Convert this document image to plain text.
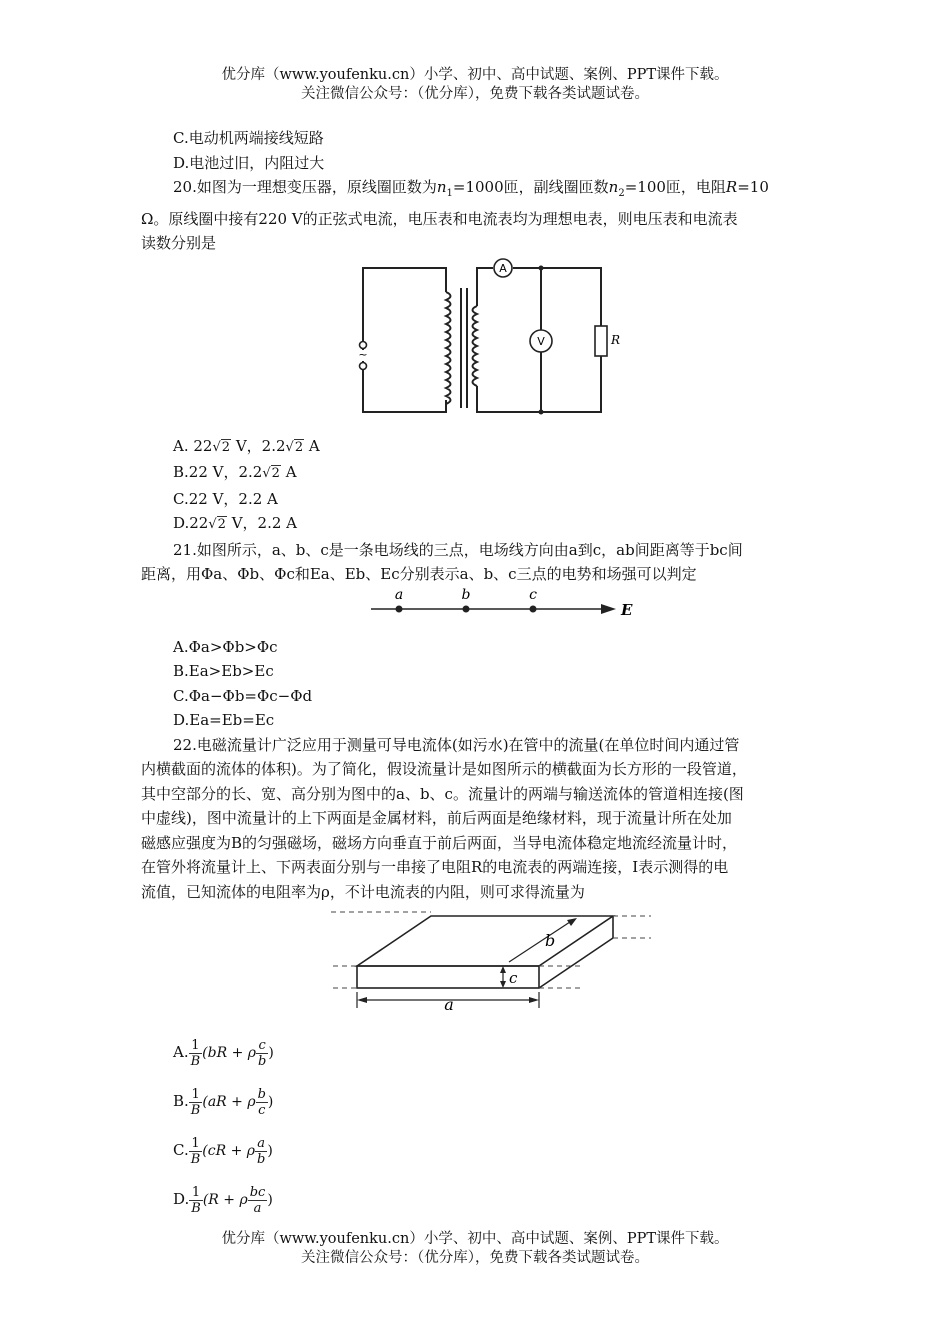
优分库（www.youfenku.cn）小学、初中、高中试题、案例、PPT课件下载。
关注微信公众号：（优分库），免费下载各类试题试卷。

C.电动机两端接线短路

D.电池过旧，内阻过大

20.如图为一理想变压器，原线圈匝数为$n_1=1000$匝，副线圈匝数$n_2=100$匝，电阻R=10
Ω。原线圈中接有220 V的正弦式电流，电压表和电流表均为理想电表，则电压表和电流表
读数分别是

~
A
V	R

A. 22√2 V，2.2√2 A

B.22 V，2.2√2 A

C.22 V，2.2 A

D.22√2 V，2.2 A

21.如图所示，a、b、c是一条电场线的三点，电场线方向由a到c，ab间距离等于bc间
距离，用Φa、Φb、Φc和Ea、Eb、Ec分别表示a、b、c三点的电势和场强可以判定

a	b	c
E

A.Φa>Φb>Φc

B.Ea>Eb>Ec

C.Φa−Φb=Φc−Φd

D.Ea=Eb=Ec

22.电磁流量计广泛应用于测量可导电流体(如污水)在管中的流量(在单位时间内通过管
内横截面的流体的体积)。为了简化，假设流量计是如图所示的横截面为长方形的一段管道，
其中空部分的长、宽、高分别为图中的a、b、c。流量计的两端与输送流体的管道相连接(图
中虚线)，图中流量计的上下两面是金属材料，前后两面是绝缘材料，现于流量计所在处加
磁感应强度为B的匀强磁场，磁场方向垂直于前后两面，当导电流体稳定地流经流量计时，
在管外将流量计上、下两表面分别与一串接了电阻R的电流表的两端连接，I表示测得的电
流值，已知流体的电阻率为ρ，不计电流表的内阻，则可求得流量为

a
b
c
A. $\frac{1}{B} (bR + \rho \frac{c}{b}$ )
B. $\frac{1}{B} (aR + \rho \frac{b}{c}$ )
C. $\frac{1}{B} (cR + \rho \frac{a}{b}$ )
D. $\frac{1}{B} (R + \rho \frac{bc}{a}$ )
优分库（www.youfenku.cn）小学、初中、高中试题、案例、PPT课件下载。
关注微信公众号：（优分库），免费下载各类试题试卷。
